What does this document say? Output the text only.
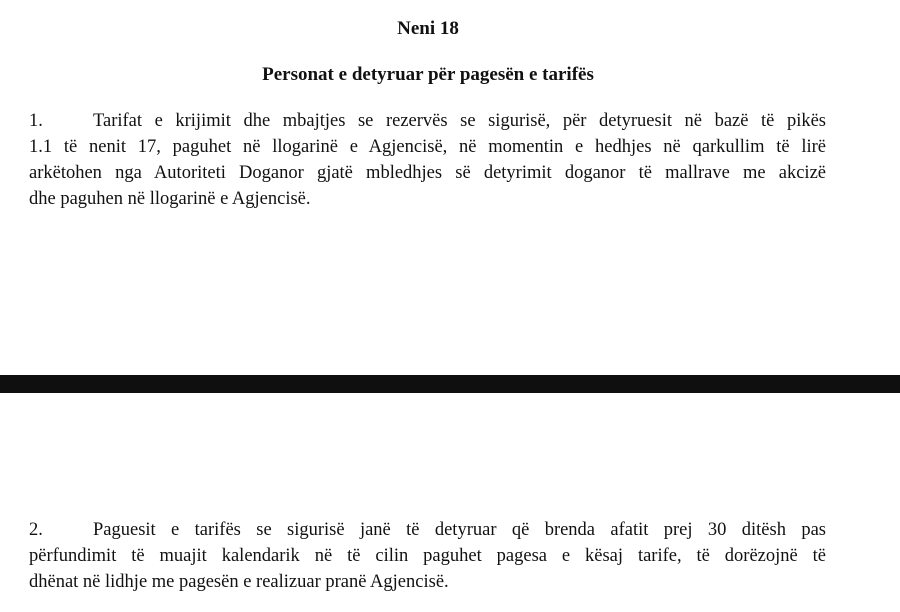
Neni 18
Personat e detyruar për pagesën e tarifës
1.	Tarifat e krijimit dhe mbajtjes se rezervës se sigurisë, për detyruesit në bazë të pikës
1.1 të nenit 17, paguhet në llogarinë e Agjencisë, në momentin e hedhjes në qarkullim të lirë
arkëtohen nga Autoriteti Doganor gjatë mbledhjes së detyrimit doganor të mallrave me akcizë
dhe paguhen në llogarinë e Agjencisë.
2.	Paguesit e tarifës se sigurisë janë të detyruar që brenda afatit prej 30 ditësh pas
përfundimit të muajit kalendarik në të cilin paguhet pagesa e kësaj tarife, të dorëzojnë të
dhënat në lidhje me pagesën e realizuar pranë Agjencisë.
